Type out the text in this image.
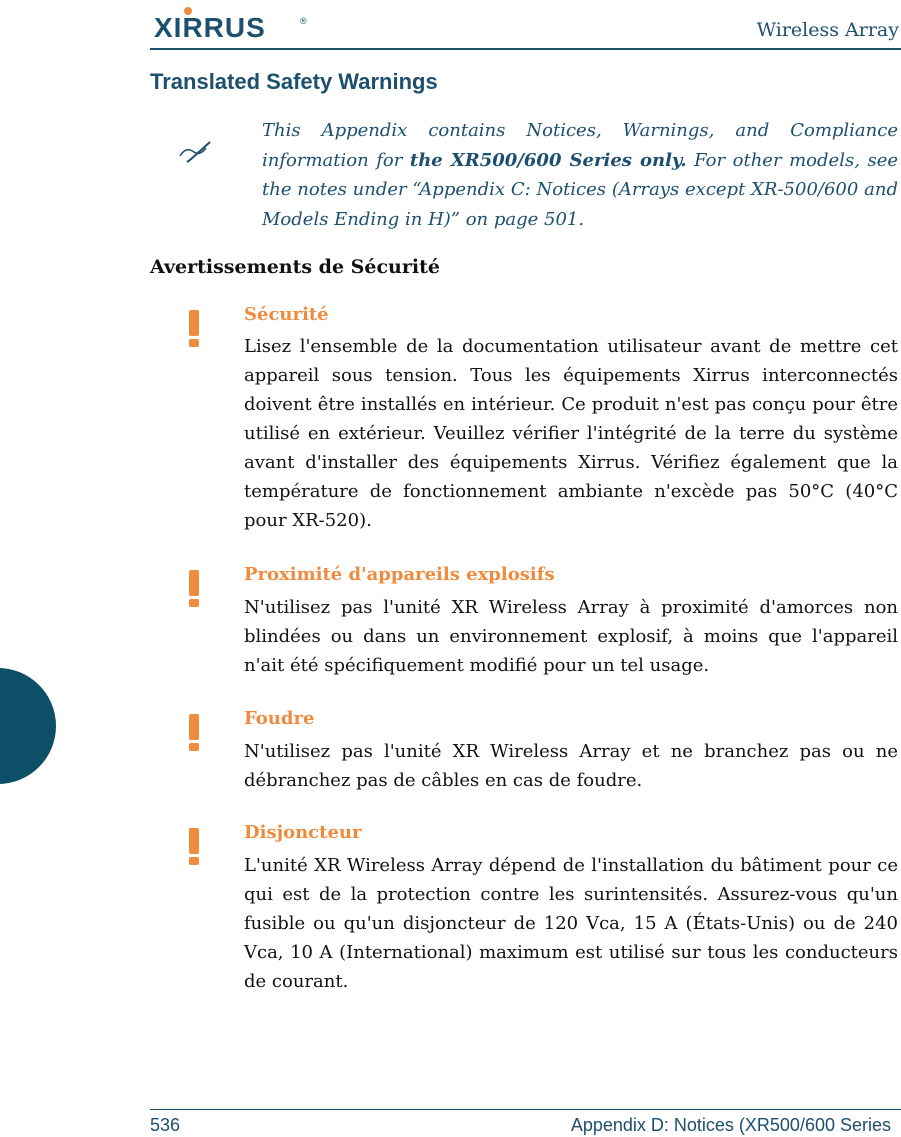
XIRRUS	®	Wireless Array
Translated Safety Warnings
This Appendix contains Notices, Warnings, and Compliance information for the XR500/600 Series only. For other models, see the notes under “Appendix C: Notices (Arrays except XR-500/600 and Models Ending in H)” on page 501.
Avertissements de Sécurité
Sécurité
Lisez l'ensemble de la documentation utilisateur avant de mettre cet appareil sous tension. Tous les équipements Xirrus interconnectés doivent être installés en intérieur. Ce produit n'est pas conçu pour être utilisé en extérieur. Veuillez vérifier l'intégrité de la terre du système avant d'installer des équipements Xirrus. Vérifiez également que la température de fonctionnement ambiante n'excède pas 50°C (40°C pour XR-520).
Proximité d'appareils explosifs
N'utilisez pas l'unité XR Wireless Array à proximité d'amorces non blindées ou dans un environnement explosif, à moins que l'appareil n'ait été spécifiquement modifié pour un tel usage.
Foudre
N'utilisez pas l'unité XR Wireless Array et ne branchez pas ou ne débranchez pas de câbles en cas de foudre.
Disjoncteur
L'unité XR Wireless Array dépend de l'installation du bâtiment pour ce qui est de la protection contre les surintensités. Assurez-vous qu'un fusible ou qu'un disjoncteur de 120 Vca, 15 A (États-Unis) ou de 240 Vca, 10 A (International) maximum est utilisé sur tous les conducteurs de courant.
536	Appendix D: Notices (XR500/600 Series
